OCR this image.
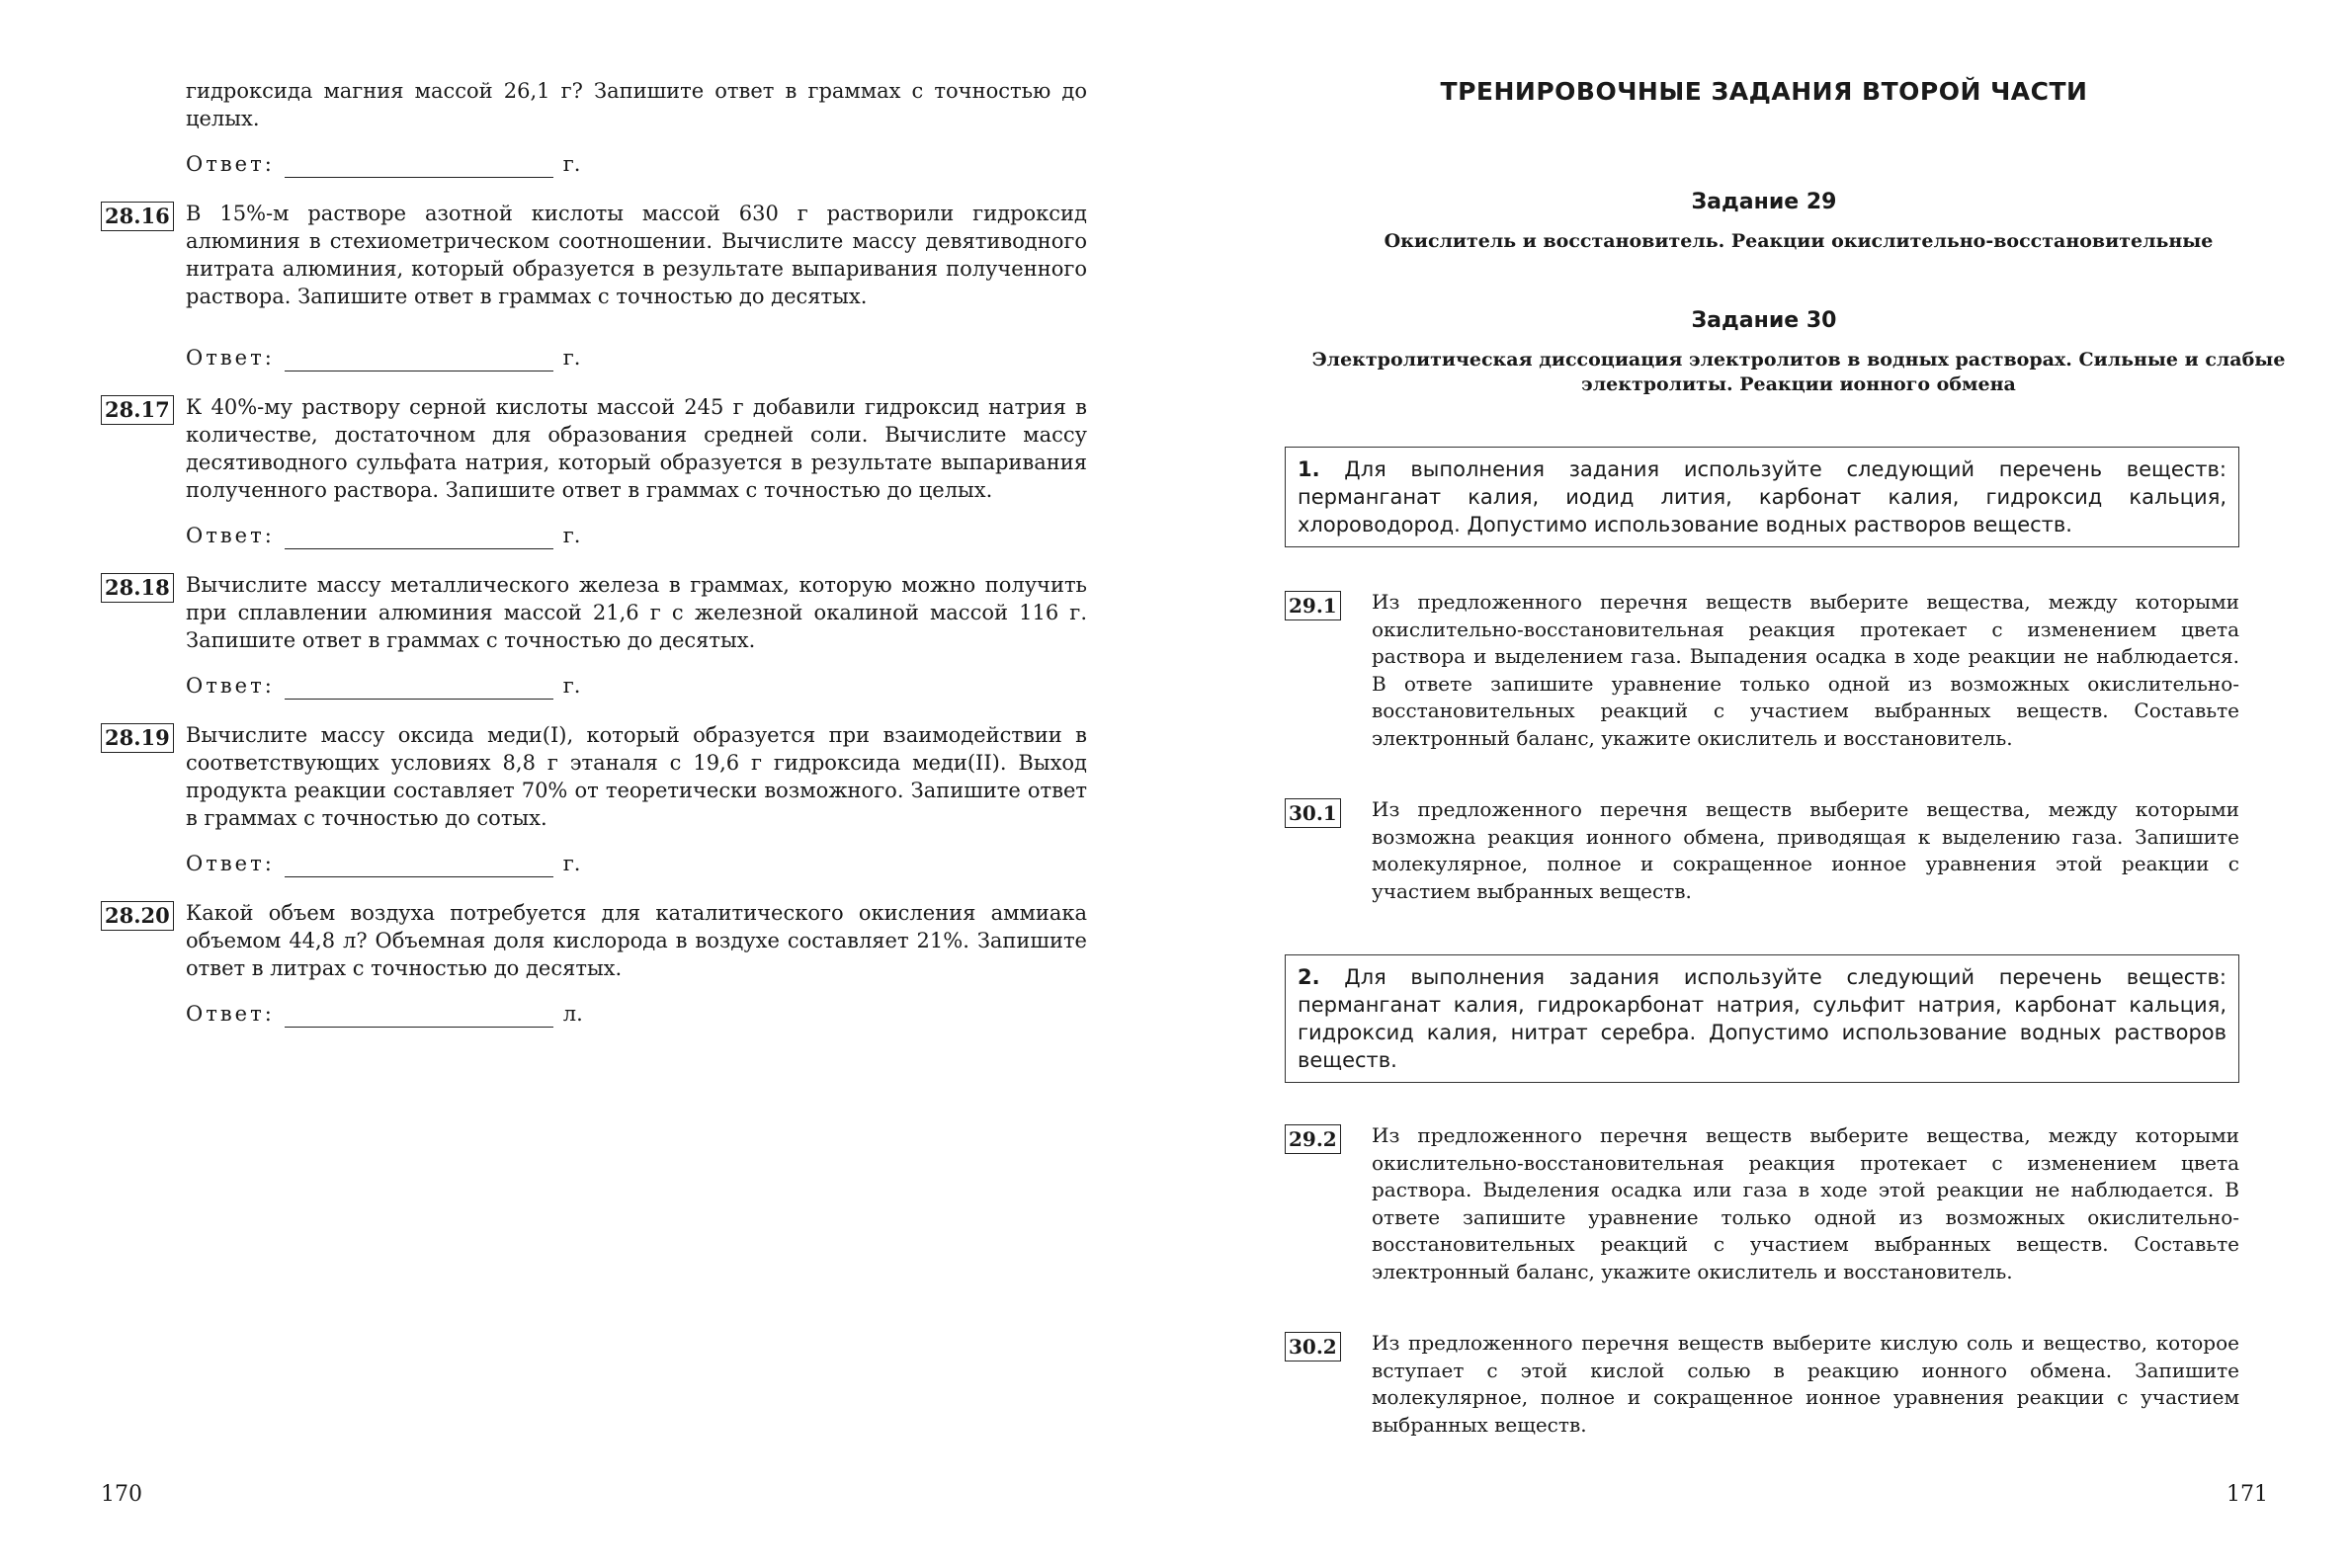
гидроксида магния массой 26,1 г? Запишите ответ в граммах с точностью до целых.
Ответ:	г.
28.16 В 15%-м растворе азотной кислоты массой 630 г растворили гидроксид алюминия в стехиометрическом соотношении. Вычислите массу девятиводного нитрата алюминия, который образуется в результате выпаривания полученного раствора. Запишите ответ в граммах с точностью до десятых.
Ответ:	г.
28.17 К 40%-му раствору серной кислоты массой 245 г добавили гидроксид натрия в количестве, достаточном для образования средней соли. Вычислите массу десятиводного сульфата натрия, который образуется в результате выпаривания полученного раствора. Запишите ответ в граммах с точностью до целых.
Ответ:	г.
28.18 Вычислите массу металлического железа в граммах, которую можно получить при сплавлении алюминия массой 21,6 г с железной окалиной массой 116 г. Запишите ответ в граммах с точностью до десятых.
Ответ:	г.
28.19 Вычислите массу оксида меди(I), который образуется при взаимодействии в соответствующих условиях 8,8 г этаналя с 19,6 г гидроксида меди(II). Выход продукта реакции составляет 70% от теоретически возможного. Запишите ответ в граммах с точностью до сотых.
Ответ:	г.
28.20 Какой объем воздуха потребуется для каталитического окисления аммиака объемом 44,8 л? Объемная доля кислорода в воздухе составляет 21%. Запишите ответ в литрах с точностью до десятых.
Ответ:	л.
170
ТРЕНИРОВОЧНЫЕ ЗАДАНИЯ ВТОРОЙ ЧАСТИ
Задание 29
Окислитель и восстановитель. Реакции окислительно-восстановительные
Задание 30
Электролитическая диссоциация электролитов в водных растворах. Сильные и слабые электролиты. Реакции ионного обмена
1. Для выполнения задания используйте следующий перечень веществ: перманганат калия, иодид лития, карбонат калия, гидроксид кальция, хлороводород. Допустимо использование водных растворов веществ.
29.1 Из предложенного перечня веществ выберите вещества, между которыми окислительно-восстановительная реакция протекает с изменением цвета раствора и выделением газа. Выпадения осадка в ходе реакции не наблюдается. В ответе запишите уравнение только одной из возможных окислительно-восстановительных реакций с участием выбранных веществ. Составьте электронный баланс, укажите окислитель и восстановитель.
30.1 Из предложенного перечня веществ выберите вещества, между которыми возможна реакция ионного обмена, приводящая к выделению газа. Запишите молекулярное, полное и сокращенное ионное уравнения этой реакции с участием выбранных веществ.
2. Для выполнения задания используйте следующий перечень веществ: перманганат калия, гидрокарбонат натрия, сульфит натрия, карбонат кальция, гидроксид калия, нитрат серебра. Допустимо использование водных растворов веществ.
29.2 Из предложенного перечня веществ выберите вещества, между которыми окислительно-восстановительная реакция протекает с изменением цвета раствора. Выделения осадка или газа в ходе этой реакции не наблюдается. В ответе запишите уравнение только одной из возможных окислительно-восстановительных реакций с участием выбранных веществ. Составьте электронный баланс, укажите окислитель и восстановитель.
30.2 Из предложенного перечня веществ выберите кислую соль и вещество, которое вступает с этой кислой солью в реакцию ионного обмена. Запишите молекулярное, полное и сокращенное ионное уравнения реакции с участием выбранных веществ.
171
